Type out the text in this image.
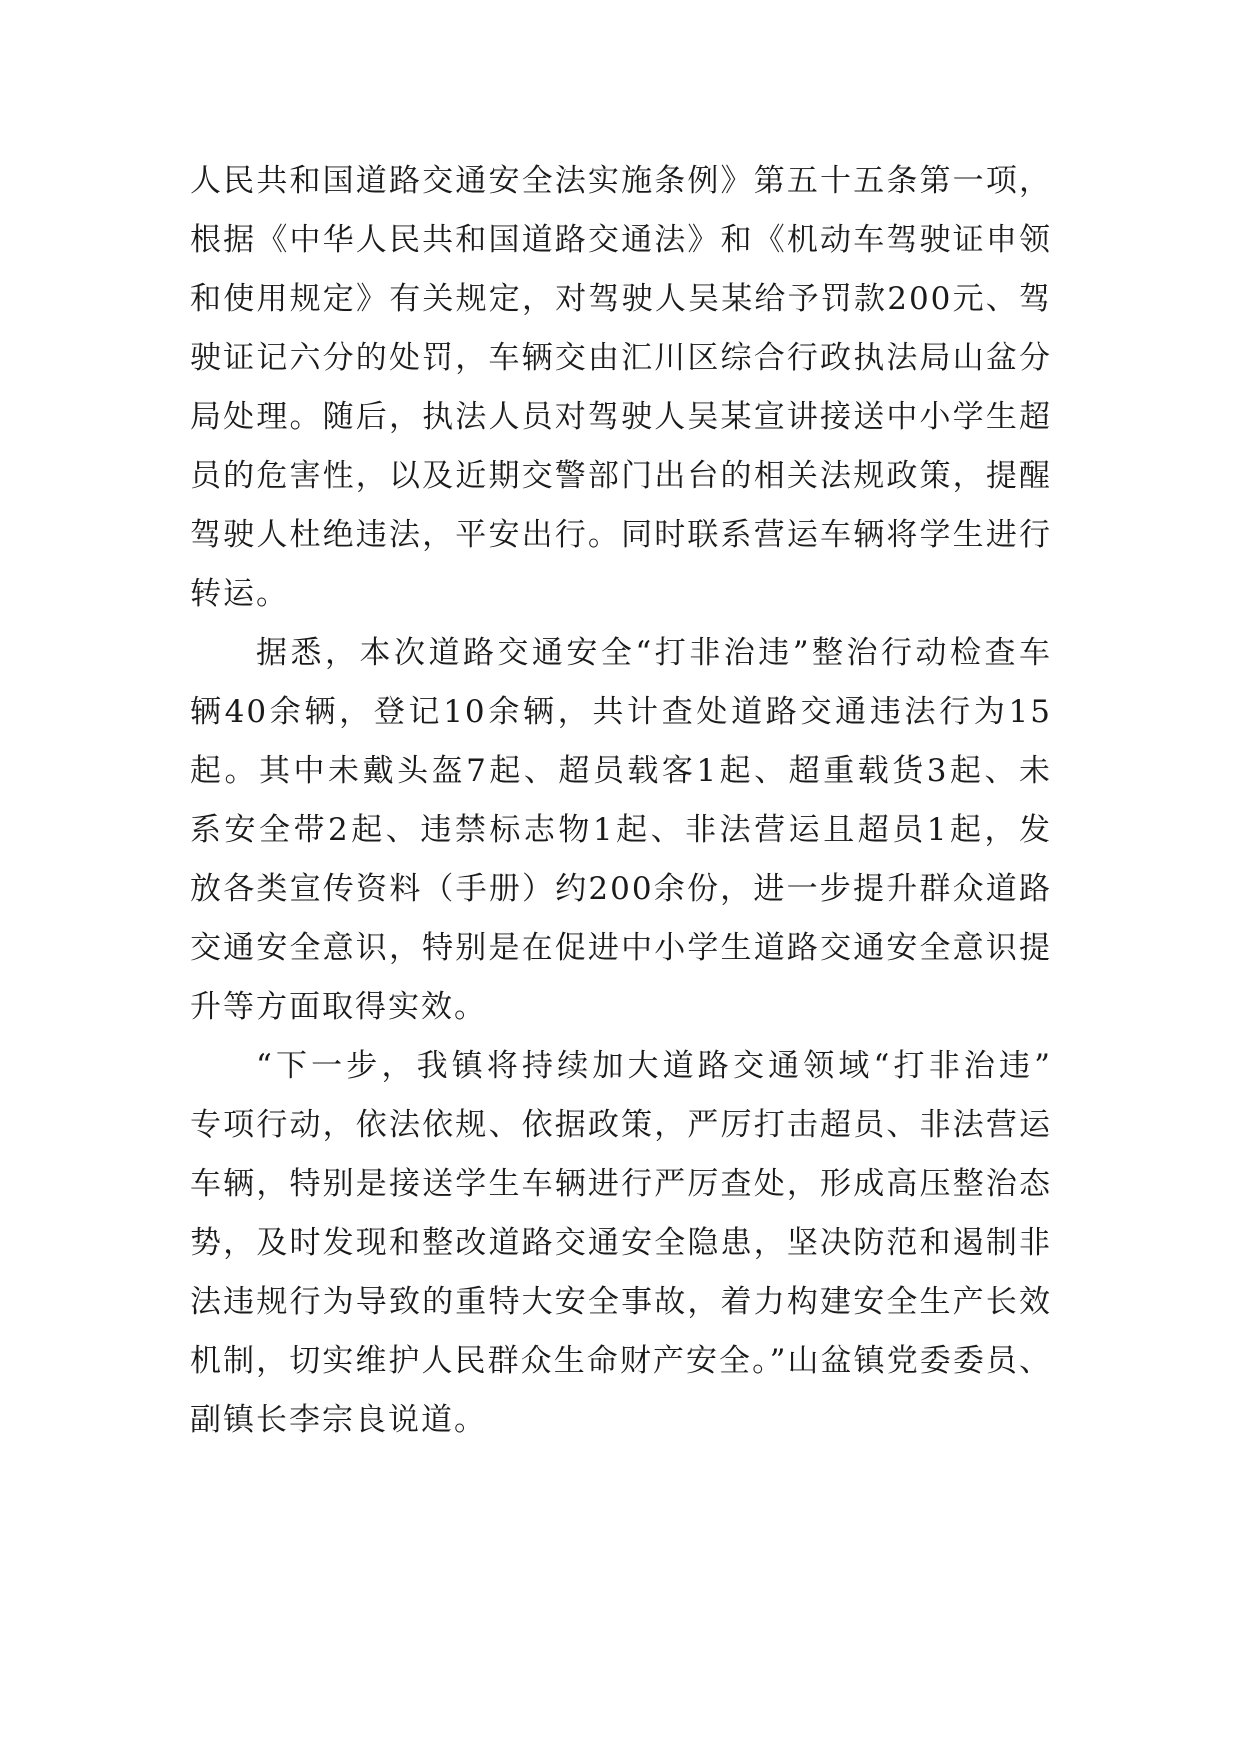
人民共和国道路交通安全法实施条例》第五十五条第一项，
根据《中华人民共和国道路交通法》和《机动车驾驶证申领
和使用规定》有关规定，对驾驶人吴某给予罚款200元、驾
驶证记六分的处罚，车辆交由汇川区综合行政执法局山盆分
局处理。随后，执法人员对驾驶人吴某宣讲接送中小学生超
员的危害性，以及近期交警部门出台的相关法规政策，提醒
驾驶人杜绝违法，平安出行。同时联系营运车辆将学生进行
转运。
据悉，本次道路交通安全“打非治违”整治行动检查车
辆40余辆，登记10余辆，共计查处道路交通违法行为15
起。其中未戴头盔7起、超员载客1起、超重载货3起、未
系安全带2起、违禁标志物1起、非法营运且超员1起，发
放各类宣传资料（手册）约200余份，进一步提升群众道路
交通安全意识，特别是在促进中小学生道路交通安全意识提
升等方面取得实效。
“下一步，我镇将持续加大道路交通领域“打非治违”
专项行动，依法依规、依据政策，严厉打击超员、非法营运
车辆，特别是接送学生车辆进行严厉查处，形成高压整治态
势，及时发现和整改道路交通安全隐患，坚决防范和遏制非
法违规行为导致的重特大安全事故，着力构建安全生产长效
机制，切实维护人民群众生命财产安全。”山盆镇党委委员、
副镇长李宗良说道。
